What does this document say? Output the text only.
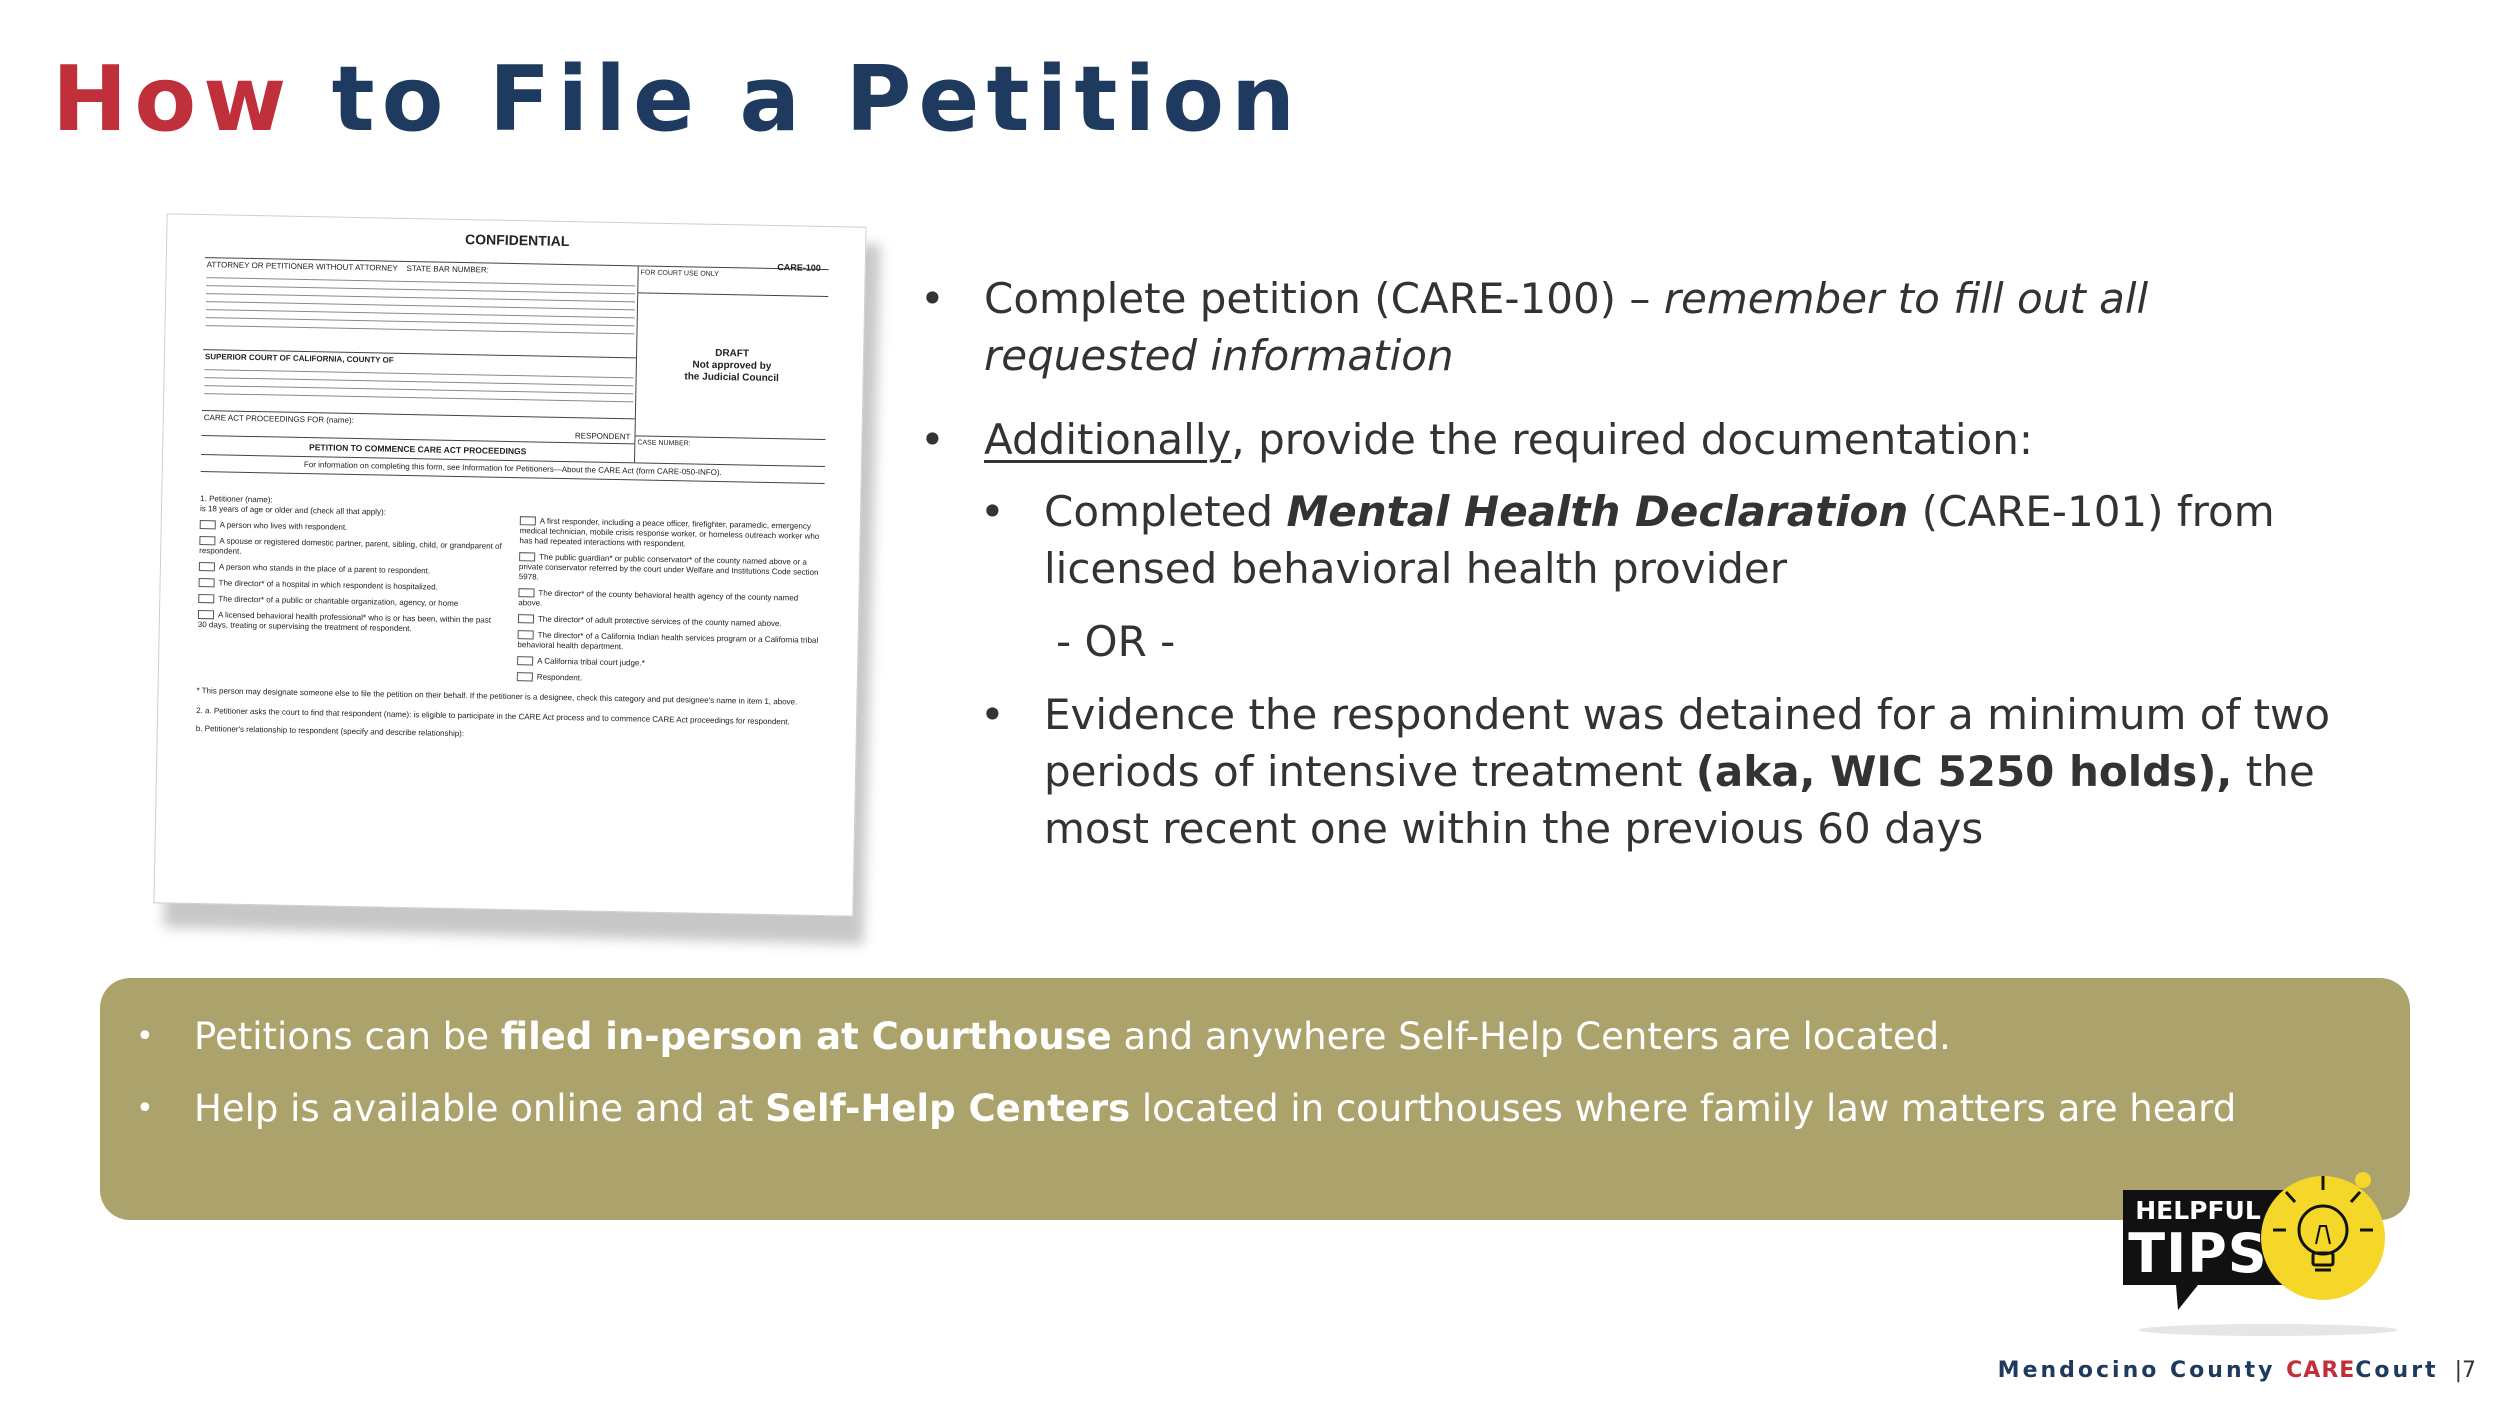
How to File a Petition
CONFIDENTIAL
CARE-100
ATTORNEY OR PETITIONER WITHOUT ATTORNEY STATE BAR NUMBER:
SUPERIOR COURT OF CALIFORNIA, COUNTY OF
CARE ACT PROCEEDINGS FOR (name):
RESPONDENT
PETITION TO COMMENCE CARE ACT PROCEEDINGS
FOR COURT USE ONLY
DRAFT
Not approved by
the Judicial Council
CASE NUMBER:
For information on completing this form, see Information for Petitioners—About the CARE Act (form CARE-050-INFO).
1. Petitioner (name):
is 18 years of age or older and (check all that apply):
A person who lives with respondent.
A spouse or registered domestic partner, parent, sibling, child, or grandparent of respondent.
A person who stands in the place of a parent to respondent.
The director* of a hospital in which respondent is hospitalized.
The director* of a public or charitable organization, agency, or home
A licensed behavioral health professional* who is or has been, within the past 30 days, treating or supervising the treatment of respondent.
A first responder, including a peace officer, firefighter, paramedic, emergency medical technician, mobile crisis response worker, or homeless outreach worker who has had repeated interactions with respondent.
The public guardian* or public conservator* of the county named above or a private conservator referred by the court under Welfare and Institutions Code section 5978.
The director* of the county behavioral health agency of the county named above.
The director* of adult protective services of the county named above.
The director* of a California Indian health services program or a California tribal behavioral health department.
A California tribal court judge.*
Respondent.
* This person may designate someone else to file the petition on their behalf. If the petitioner is a designee, check this category and put designee's name in item 1, above.
2. a. Petitioner asks the court to find that respondent (name): is eligible to participate in the CARE Act process and to commence CARE Act proceedings for respondent.
b. Petitioner's relationship to respondent (specify and describe relationship):
• Complete petition (CARE-100) – remember to fill out all requested information
• Additionally, provide the required documentation:
• Completed Mental Health Declaration (CARE-101) from licensed behavioral health provider
- OR -
• Evidence the respondent was detained for a minimum of two periods of intensive treatment (aka, WIC 5250 holds), the most recent one within the previous 60 days
• Petitions can be filed in-person at Courthouse and anywhere Self-Help Centers are located.
• Help is available online and at Self-Help Centers located in courthouses where family law matters are heard
HELPFUL
TIPS
Mendocino County CARECourt |7
